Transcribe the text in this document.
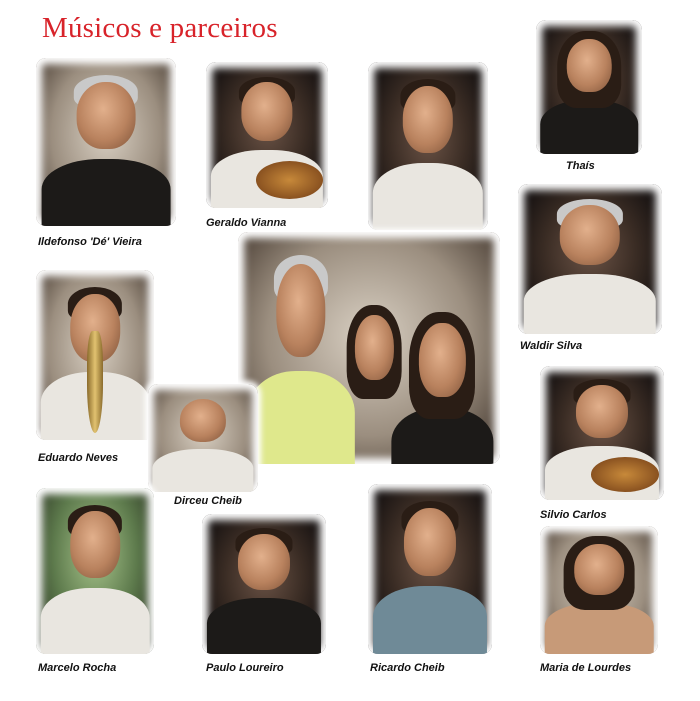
Músicos e parceiros
Ildefonso 'Dé' Vieira
Geraldo Vianna
Thaís
Waldir Silva
Eduardo Neves
Dirceu Cheib
Silvio Carlos
Marcelo Rocha	Paulo Loureiro	Ricardo Cheib	Maria de Lourdes
